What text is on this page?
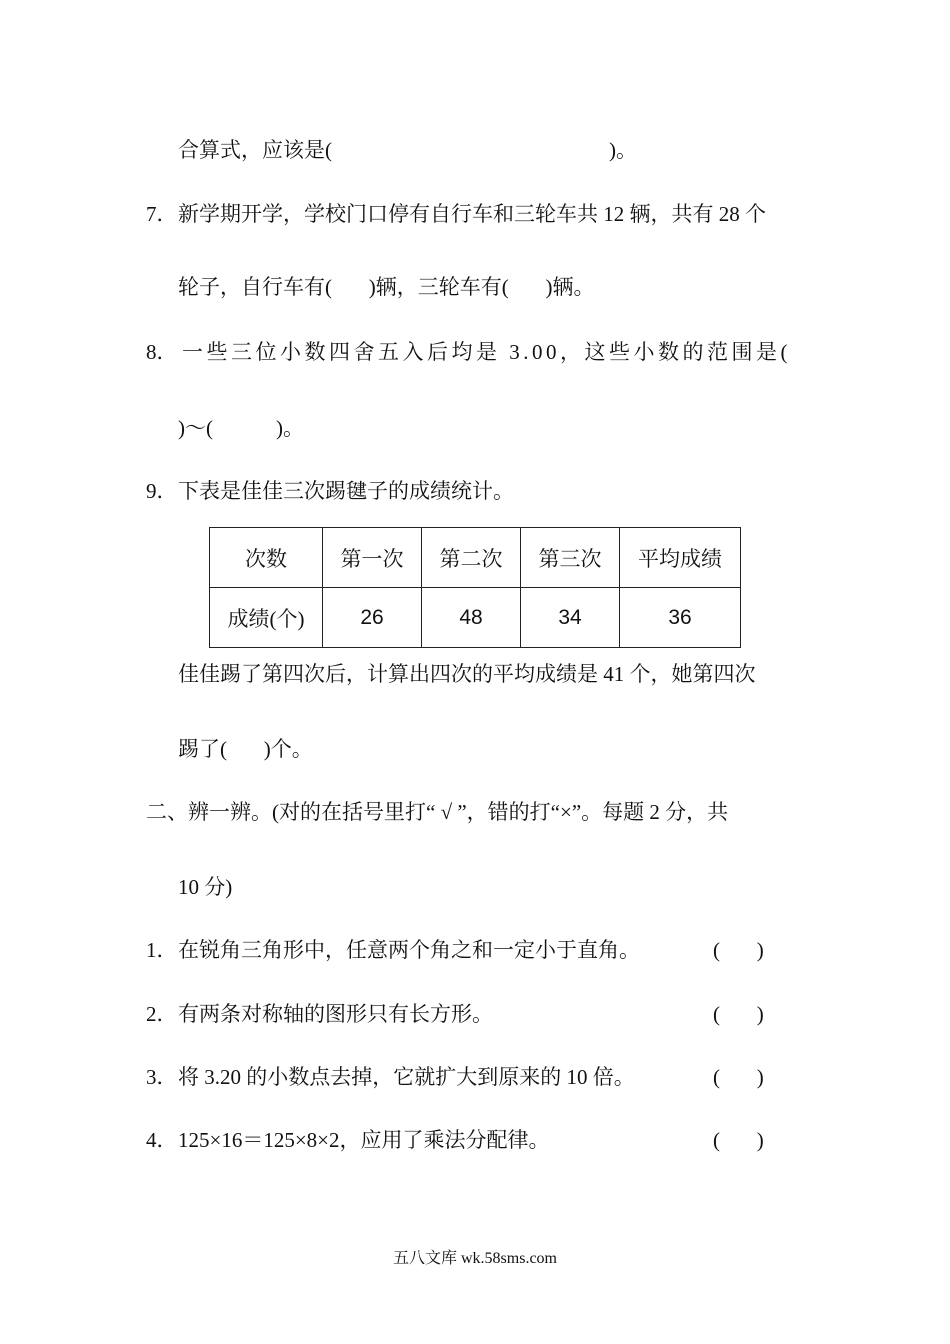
合算式，应该是(	)。
7． 新学期开学，学校门口停有自行车和三轮车共 12 辆，共有 28 个
轮子，自行车有(       )辆，三轮车有(       )辆。
8． 一些三位小数四舍五入后均是 3.00，这些小数的范围是(
)～(            )。
9． 下表是佳佳三次踢毽子的成绩统计。
次数	第一次	第二次	第三次	平均成绩
成绩(个)	26	48	34	36
佳佳踢了第四次后，计算出四次的平均成绩是 41 个，她第四次
踢了(       )个。
二、辨一辨。(对的在括号里打“ √ ”，错的打“×”。每题 2 分，共
10 分)
1． 在锐角三角形中，任意两个角之和一定小于直角。	(       )
2． 有两条对称轴的图形只有长方形。	(       )
3． 将 3.20 的小数点去掉，它就扩大到原来的 10 倍。	(       )
4． 125×16＝125×8×2，应用了乘法分配律。	(       )
五八文库 wk.58sms.com
